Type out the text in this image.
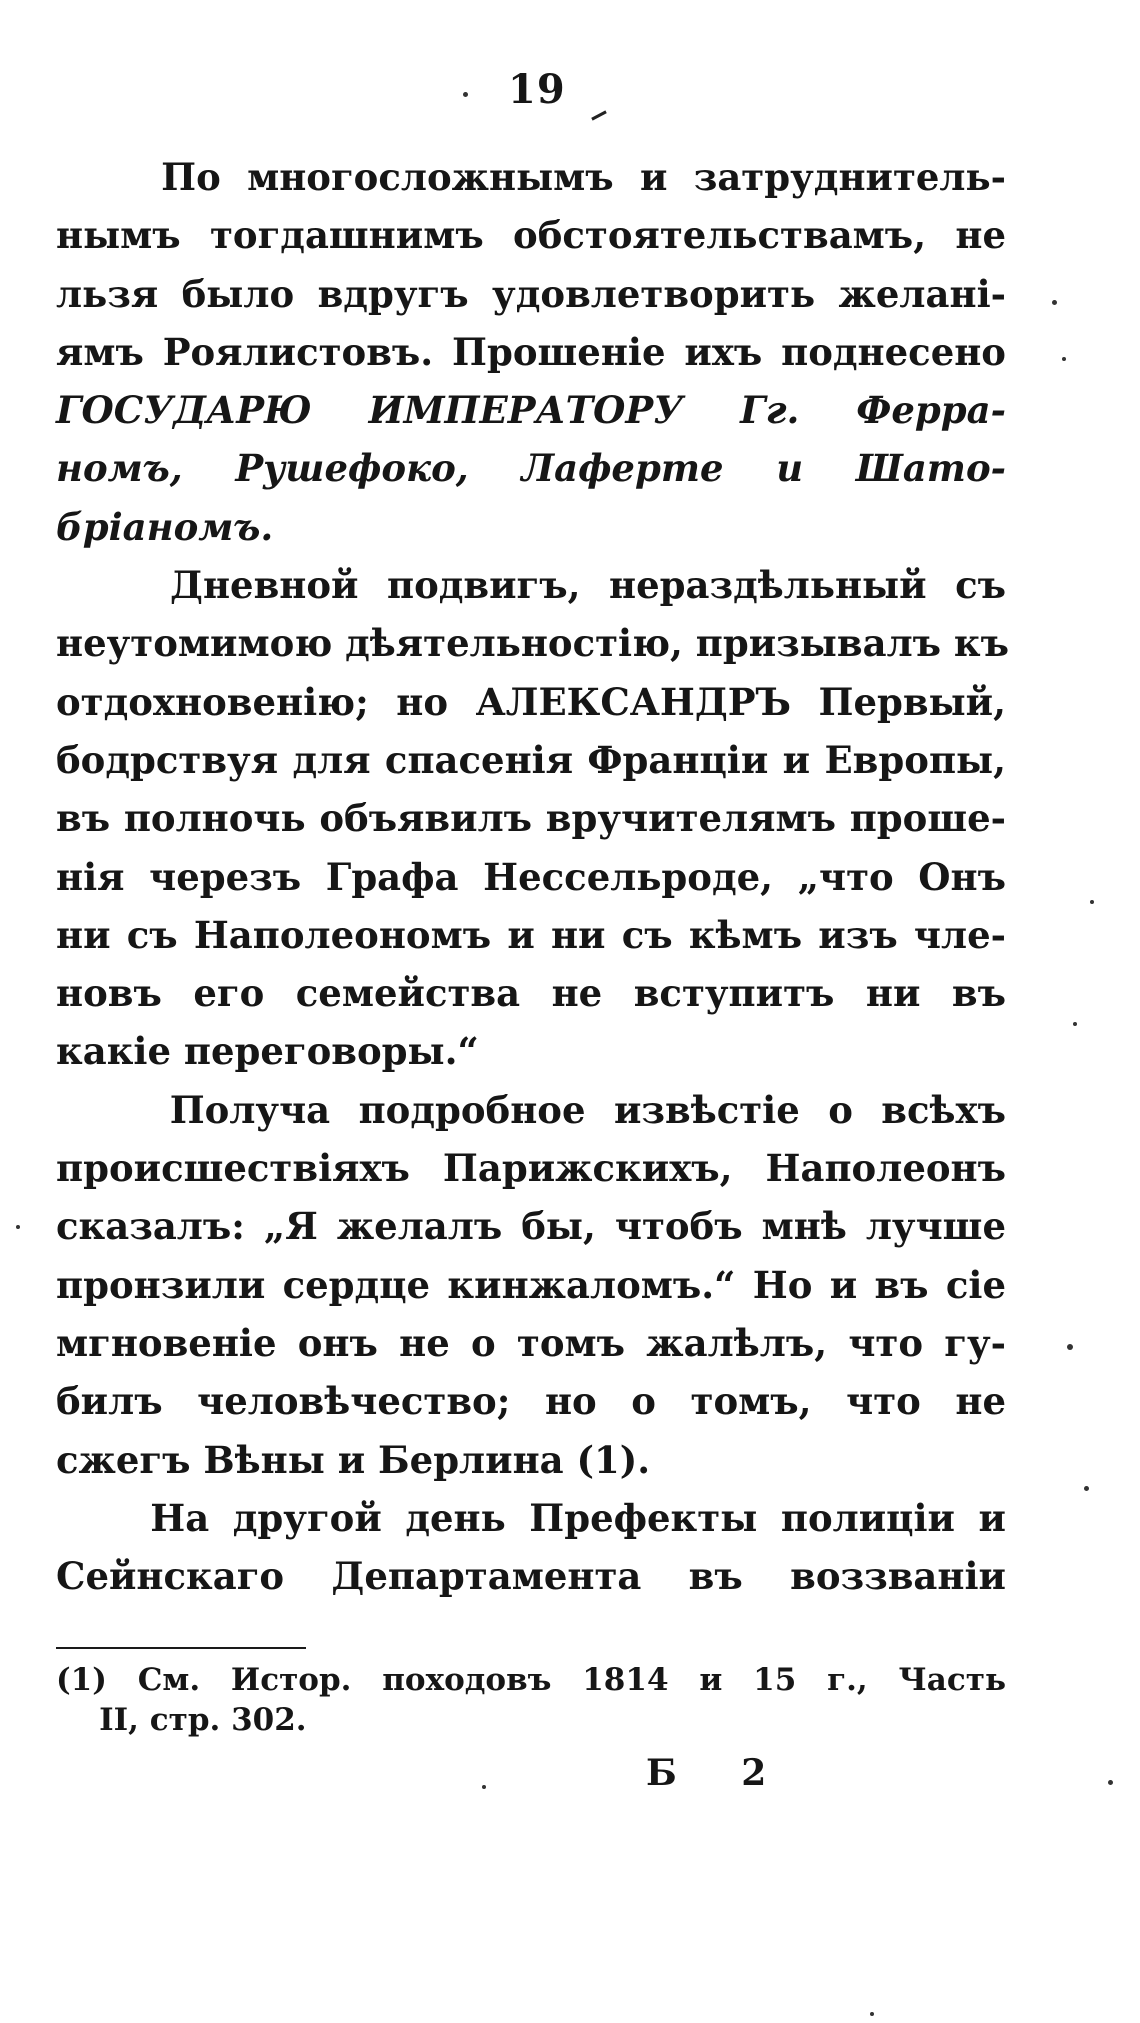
19
По многосложнымъ и затруднитель-
нымъ тогдашнимъ обстоятельствамъ, не
льзя было вдругъ удовлетворить желанi-
ямъ Роялистовъ. Прошенiе ихъ поднесено
ГОСУДАРЮ ИМПЕРАТОРУ Гг. Ферра-
номъ, Рушефоко, Лаферте и Шато-
брiаномъ.
Дневной подвигъ, нераздѣльный съ
неутомимою дѣятельностiю, призывалъ къ
отдохновенiю; но АЛЕКСАНДРЪ Первый,
бодрствуя для спасенiя Францiи и Европы,
въ полночь объявилъ вручителямъ проше-
нiя черезъ Графа Нессельроде, „что Онъ
ни съ Наполеономъ и ни съ кѣмъ изъ чле-
новъ его семейства не вступитъ ни въ
какiе переговоры.“
Получа подробное извѣстiе о всѣхъ
происшествiяхъ Парижскихъ, Наполеонъ
сказалъ: „Я желалъ бы, чтобъ мнѣ лучше
пронзили сердце кинжаломъ.“ Но и въ сiе
мгновенiе онъ не о томъ жалѣлъ, что гу-
билъ человѣчество; но о томъ, что не
сжегъ Вѣны и Берлина (1).
На другой день Префекты полицiи и
Сейнскаго Департамента въ воззванiи
(1) См. Истор. походовъ 1814 и 15 г., Часть
II, стр. 302.
Б 2
